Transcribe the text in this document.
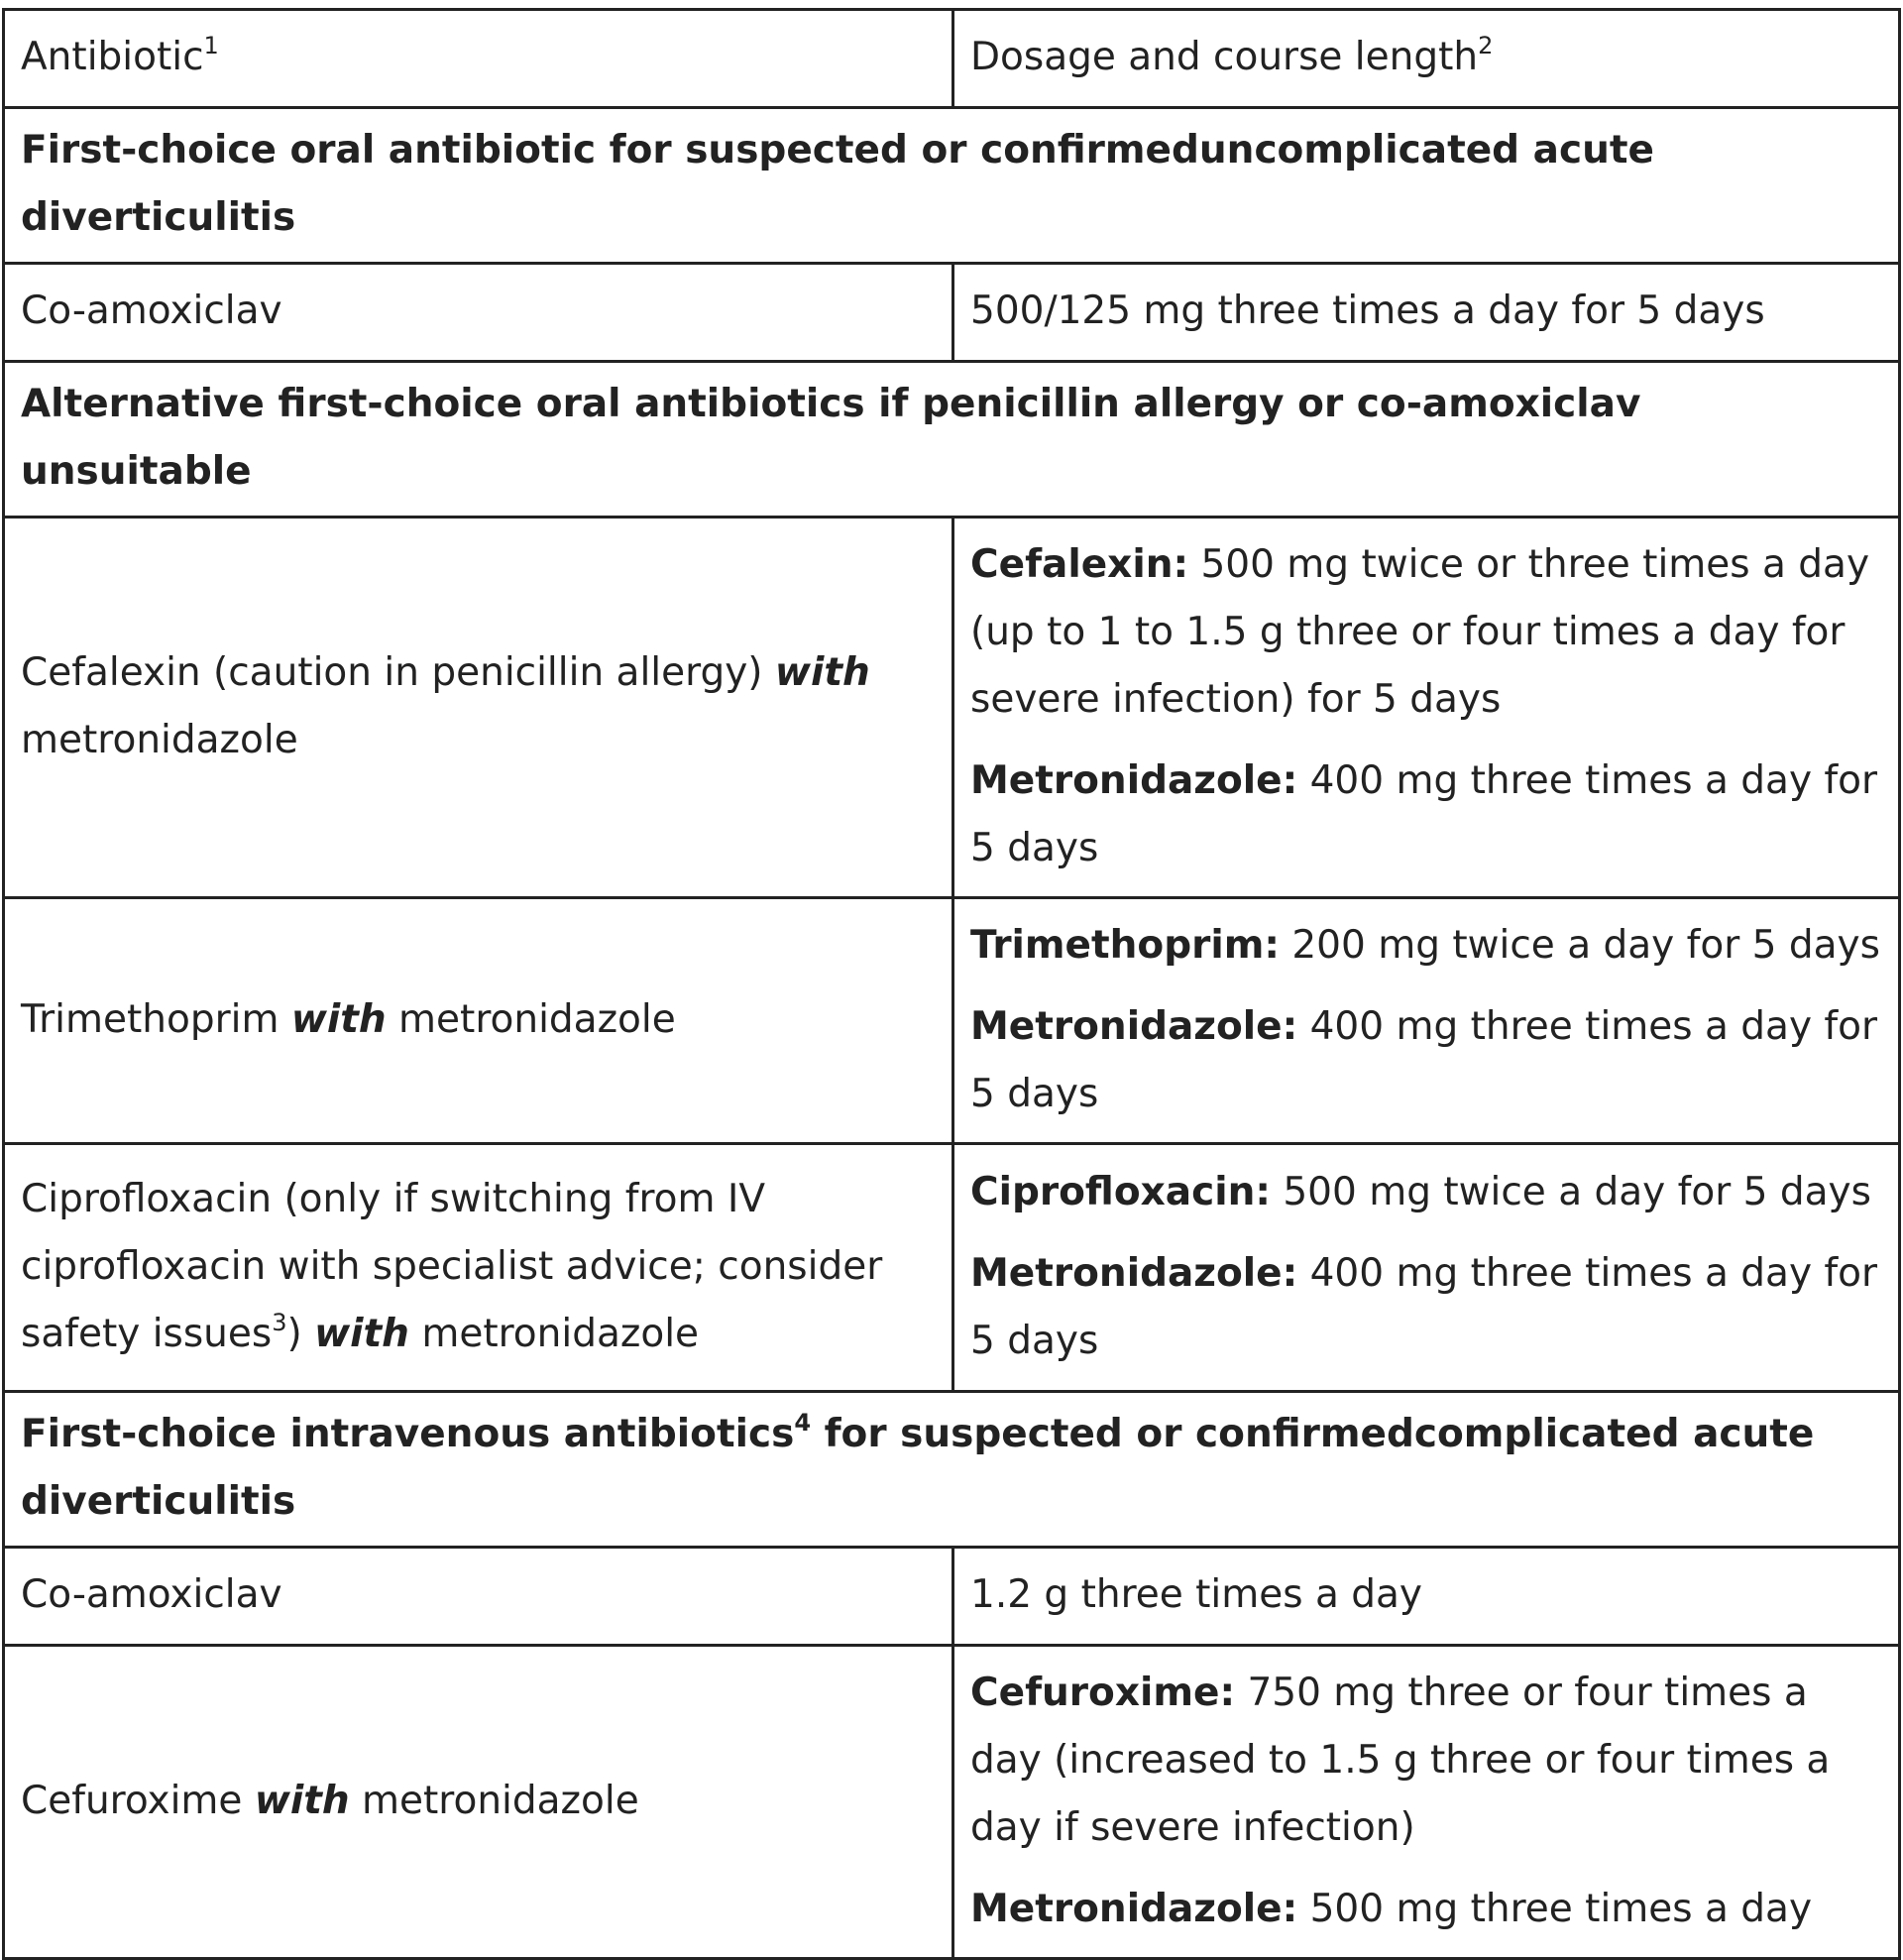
Antibiotic$^1$	Dosage and course length$^2$
First-choice oral antibiotic for suspected or confirmeduncomplicated acute diverticulitis	
Co-amoxiclav	500/125 mg three times a day for 5 days
Alternative first-choice oral antibiotics if penicillin allergy or co-amoxiclav unsuitable	
Cefalexin (caution in penicillin allergy) with metronidazole	Cefalexin: 500 mg twice or three times a day (up to 1 to 1.5 g three or four times a day for severe infection) for 5 days
Metronidazole: 400 mg three times a day for 5 days

Trimethoprim with metronidazole	Trimethoprim: 200 mg twice a day for 5 days
Metronidazole: 400 mg three times a day for 5 days

Ciprofloxacin (only if switching from IV ciprofloxacin with specialist advice; consider safety issues$^3$) with metronidazole	Ciprofloxacin: 500 mg twice a day for 5 days
Metronidazole: 400 mg three times a day for 5 days

First-choice intravenous antibiotics$^4$ for suspected or confirmedcomplicated acute diverticulitis	
Co-amoxiclav	1.2 g three times a day
Cefuroxime with metronidazole	Cefuroxime: 750 mg three or four times a day (increased to 1.5 g three or four times a day if severe infection)
Metronidazole: 500 mg three times a day
